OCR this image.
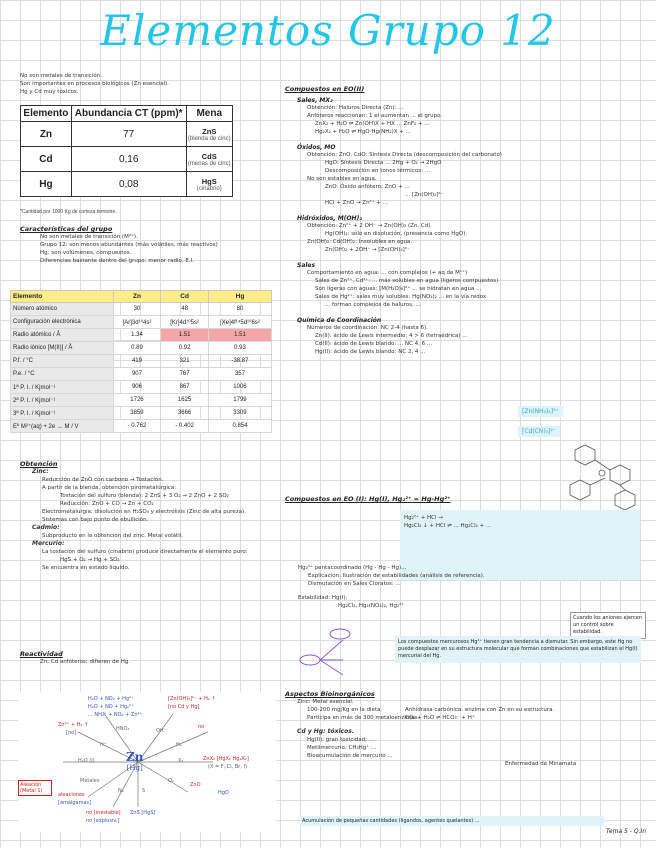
Elementos Grupo 12
No son metales de transición.
Son importantes en procesos biológicos (Zn esencial).
Hg y Cd muy tóxicos.
Elemento	Abundancia CT (ppm)*	Mena
Zn	77	ZnS
(blenda de cinc)

Cd	0,16	CdS
(menas de cinc)

Hg	0,08	HgS
(cinabrio)
*Cantidad por 1000 Kg de corteza terrestre.
Características del grupo
No son metales de transición (M²⁺).
Grupo 12: son menos abundantes (más volátiles, más reactivos)
Hg: son volúmenes, compuestos.
Diferencias bastante dentro del grupo: menor radio, E.I.
Elemento	Zn	Cd	Hg
Número atómico	30	48	80
Configuración electrónica	[Ar]3d¹⁰4s²	[Kr]4d¹⁰5s²	[Xe]4f¹⁴5d¹⁰6s²
Radio atómico / Å	1.34	1.51	1.51
Radio iónico [M(II)] / Å	0.89	0.92	0.93
P.f. / °C	419	321	-38.87
P.e. / °C	907	767	357
1ª P. I. / Kjmol⁻¹	906	867	1006
2ª P. I. / Kjmol⁻¹	1726	1625	1799
3ª P. I. / Kjmol⁻¹	3859	3666	3309
Eº M²⁺(aq) + 2e → M / V	- 0.762	- 0.402	0.854
Obtención
Zinc:
Reducción de ZnO con carbono → Tostación.
A partir de la blenda, obtención pirometalúrgica:
Tostación del sulfuro (blenda): 2 ZnS + 3 O₂ → 2 ZnO + 2 SO₂
Reducción: ZnO + CO → Zn + CO₂
Electrometalurgia: disolución en H₂SO₄ y electrólisis (Zinc de alta pureza).
Sistemas con bajo punto de ebullición.
Cadmio:
Subproducto en la obtención del zinc. Metal volátil.
Mercurio:
La tostación del sulfuro (cinabrio) produce directamente el elemento puro:
HgS + O₂ → Hg + SO₂
Se encuentra en estado líquido.
Reactividad
Zn, Cd anfóteros; difieren de Hg.
Zn
[Hg]
H₂O + NO₂ + Hg²⁺
H₂O + NO + Hg₂²⁺
... NH₄⁺ + NO₂ + Zn²⁺
[Zn(OH)₄]²⁻ + H₂ ↑
[no Cd y Hg]
Zn²⁺ + H₂ ↑
[no]
no
ZnX₂ [HgX₂ Hg₂X₂]
(X = F, Cl, Br, I)
ZnO
HgO
ZnS [HgS]
no [inestable]
no [explosiv.]
aleaciones
[amalgamas]
Aleación (Metal 1)
HNO₃	OH⁻
H⁺	H₂
X₂
O₂
S
N₂
Metales
H₂O (l)
Compuestos en EO(II)
Sales, MX₂
Obtención: Haluros Directa (Zn): ...
Anfóteros reaccionan: 1 el aumentan ... el grupo.
ZnX₂ + H₂O ⇌ Zn(OH)X + HX ... ZnF₂ + ...
Hg₂X₂ + H₂O ⇌ HgO·Hg(NH₂)X + ...
Óxidos, MO
Obtención: ZnO, CdO: Síntesis Directa (descomposición del carbonato)
HgO: Síntesis Directa ... 2Hg + O₂ → 2HgO
Descomposición en tonos térmicos: ...
No son estables en agua.
ZnO: Óxido anfótero: ZnO + ...
... [Zn(OH)₄]²⁻
HCl + ZnO → Zn²⁺ + ...
Hidróxidos, M(OH)₂
Obtención: Zn²⁺ + 2 OH⁻ → Zn(OH)₂ (Zn, Cd)
Hg(OH)₂: sólo en disolución, (presencia como HgO).
Zn(OH)₂: Cd(OH)₂: Insolubles en agua.
Zn(OH)₂ + 2OH⁻ → [Zn(OH)₄]²⁻
Sales
Comportamiento en agua: ... con complejos (+ aq de Mⁿ⁺)
Sales de Zn²⁺, Cd²⁺: ... más solubles en agua (ligeros compuestos)
Son ligeras con aguas: [M(H₂O)₆]²⁺ ... se hidratan en agua ...
Sales de Hg²⁺: sales muy solubles: Hg(NO₃)₂ ... en la vía redox
... forman complejos de haluros, ...
Química de Coordinación
Números de coordinación: NC 2-4 (hasta 6).
Zn(II): ácido de Lewis intermedio: 4 > 6 (tetraédrica) ...
Cd(II): ácido de Lewis blando: ... NC 4, 6 ...
Hg(II): ácido de Lewis blando: NC 2, 4 ...
[Zn(NH₃)₄]²⁺
[Cd(CN)₄]²⁻
Compuestos en EO (I): Hg(I), Hg₂²⁺ = Hg-Hg²⁺
Hg₂²⁺ + HCl →
Hg₂Cl₂ ↓ + HCl ⇌ ... Hg₂Cl₂ + ...
Hg₂²⁺ pentacoordinado (Hg - Hg - Hg)...
Explicación: Ilustración de estabilidades (análisis de referencia).
Dismutación en Sales Cloratos: ...
Estabilidad: Hg(I):
Hg₂Cl₂, Hg₂(NO₃)₂, Hg₂²⁺
Cuando los aniones ejercen un control sobre estabilidad.
Los compuestos mercurosos Hg²⁺ tienen gran tendencia a dismutar. Sin embargo, este Hg no puede desplazar en su estructura molecular que forman combinaciones que estabilizan el Hg(I) mercurial del Hg.
Aspectos Bioinorgánicos
Zinc: Metal esencial.
100-200 mg/Kg en la dieta.
Participa en más de 300 metaloenzimas.
Anhidrasa carbónica: enzima con Zn en su estructura.
CO₂ + H₂O ⇌ HCO₃⁻ + H⁺
Cd y Hg: tóxicos.
Hg(II): gran toxicidad; ...
Metilmercurio: CH₃Hg⁺ ...
Bioacumulación de mercurio ...
Enfermedad de Minamata
Acumulación de pequeñas cantidades (ligandos, agentes quelantes) ...
Tema 5 - Q.In
